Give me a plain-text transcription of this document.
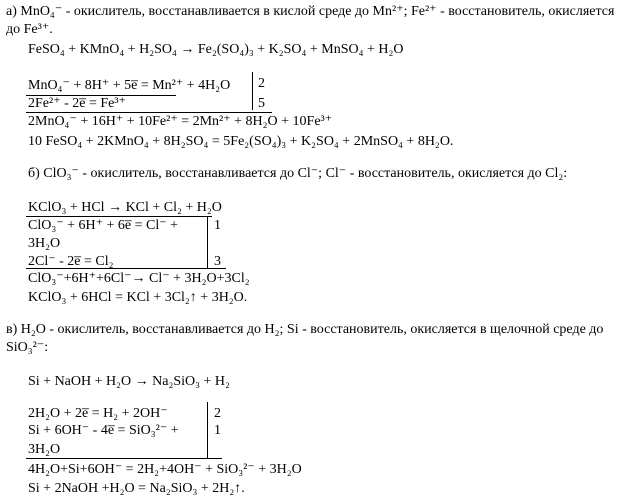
а) MnO₄⁻ - окислитель, восстанавливается в кислой среде до Mn²⁺; Fe²⁺ - восстановитель, окисляется
до Fe³⁺.
FeSO₄ + KMnO₄ + H₂SO₄ → Fe₂(SO₄)₃ + K₂SO₄ + MnSO₄ + H₂O
MnO₄⁻ + 8H⁺ + 5e̅ = Mn²⁺ + 4H₂O 2
2Fe²⁺ - 2e̅ = Fe³⁺	5
2MnO₄⁻ + 16H⁺ + 10Fe²⁺ = 2Mn²⁺ + 8H₂O + 10Fe³⁺
10 FeSO₄ + 2KMnO₄ + 8H₂SO₄ = 5Fe₂(SO₄)₃ + K₂SO₄ + 2MnSO₄ + 8H₂O.
б) ClO₃⁻ - окислитель, восстанавливается до Cl⁻; Cl⁻ - восстановитель, окисляется до Cl₂:
KClO₃ + HCl → KCl + Cl₂ + H₂O
ClO₃⁻ + 6H⁺ + 6e̅ = Cl⁻ +	1
3H₂O
2Cl⁻ - 2e̅ = Cl₂	3
ClO₃⁻+6H⁺+6Cl⁻→ Cl⁻ + 3H₂O+3Cl₂
KClO₃ + 6HCl = KCl + 3Cl₂↑ + 3H₂O.
в) H₂O - окислитель, восстанавливается до H₂; Si - восстановитель, окисляется в щелочной среде до
SiO₃²⁻:
Si + NaOH + H₂O → Na₂SiO₃ + H₂
2H₂O + 2e̅ = H₂ + 2OH⁻	2
Si + 6OH⁻ - 4e̅ = SiO₃²⁻ +	1
3H₂O
4H₂O+Si+6OH⁻ = 2H₂+4OH⁻ + SiO₃²⁻ + 3H₂O
Si + 2NaOH +H₂O = Na₂SiO₃ + 2H₂↑.
